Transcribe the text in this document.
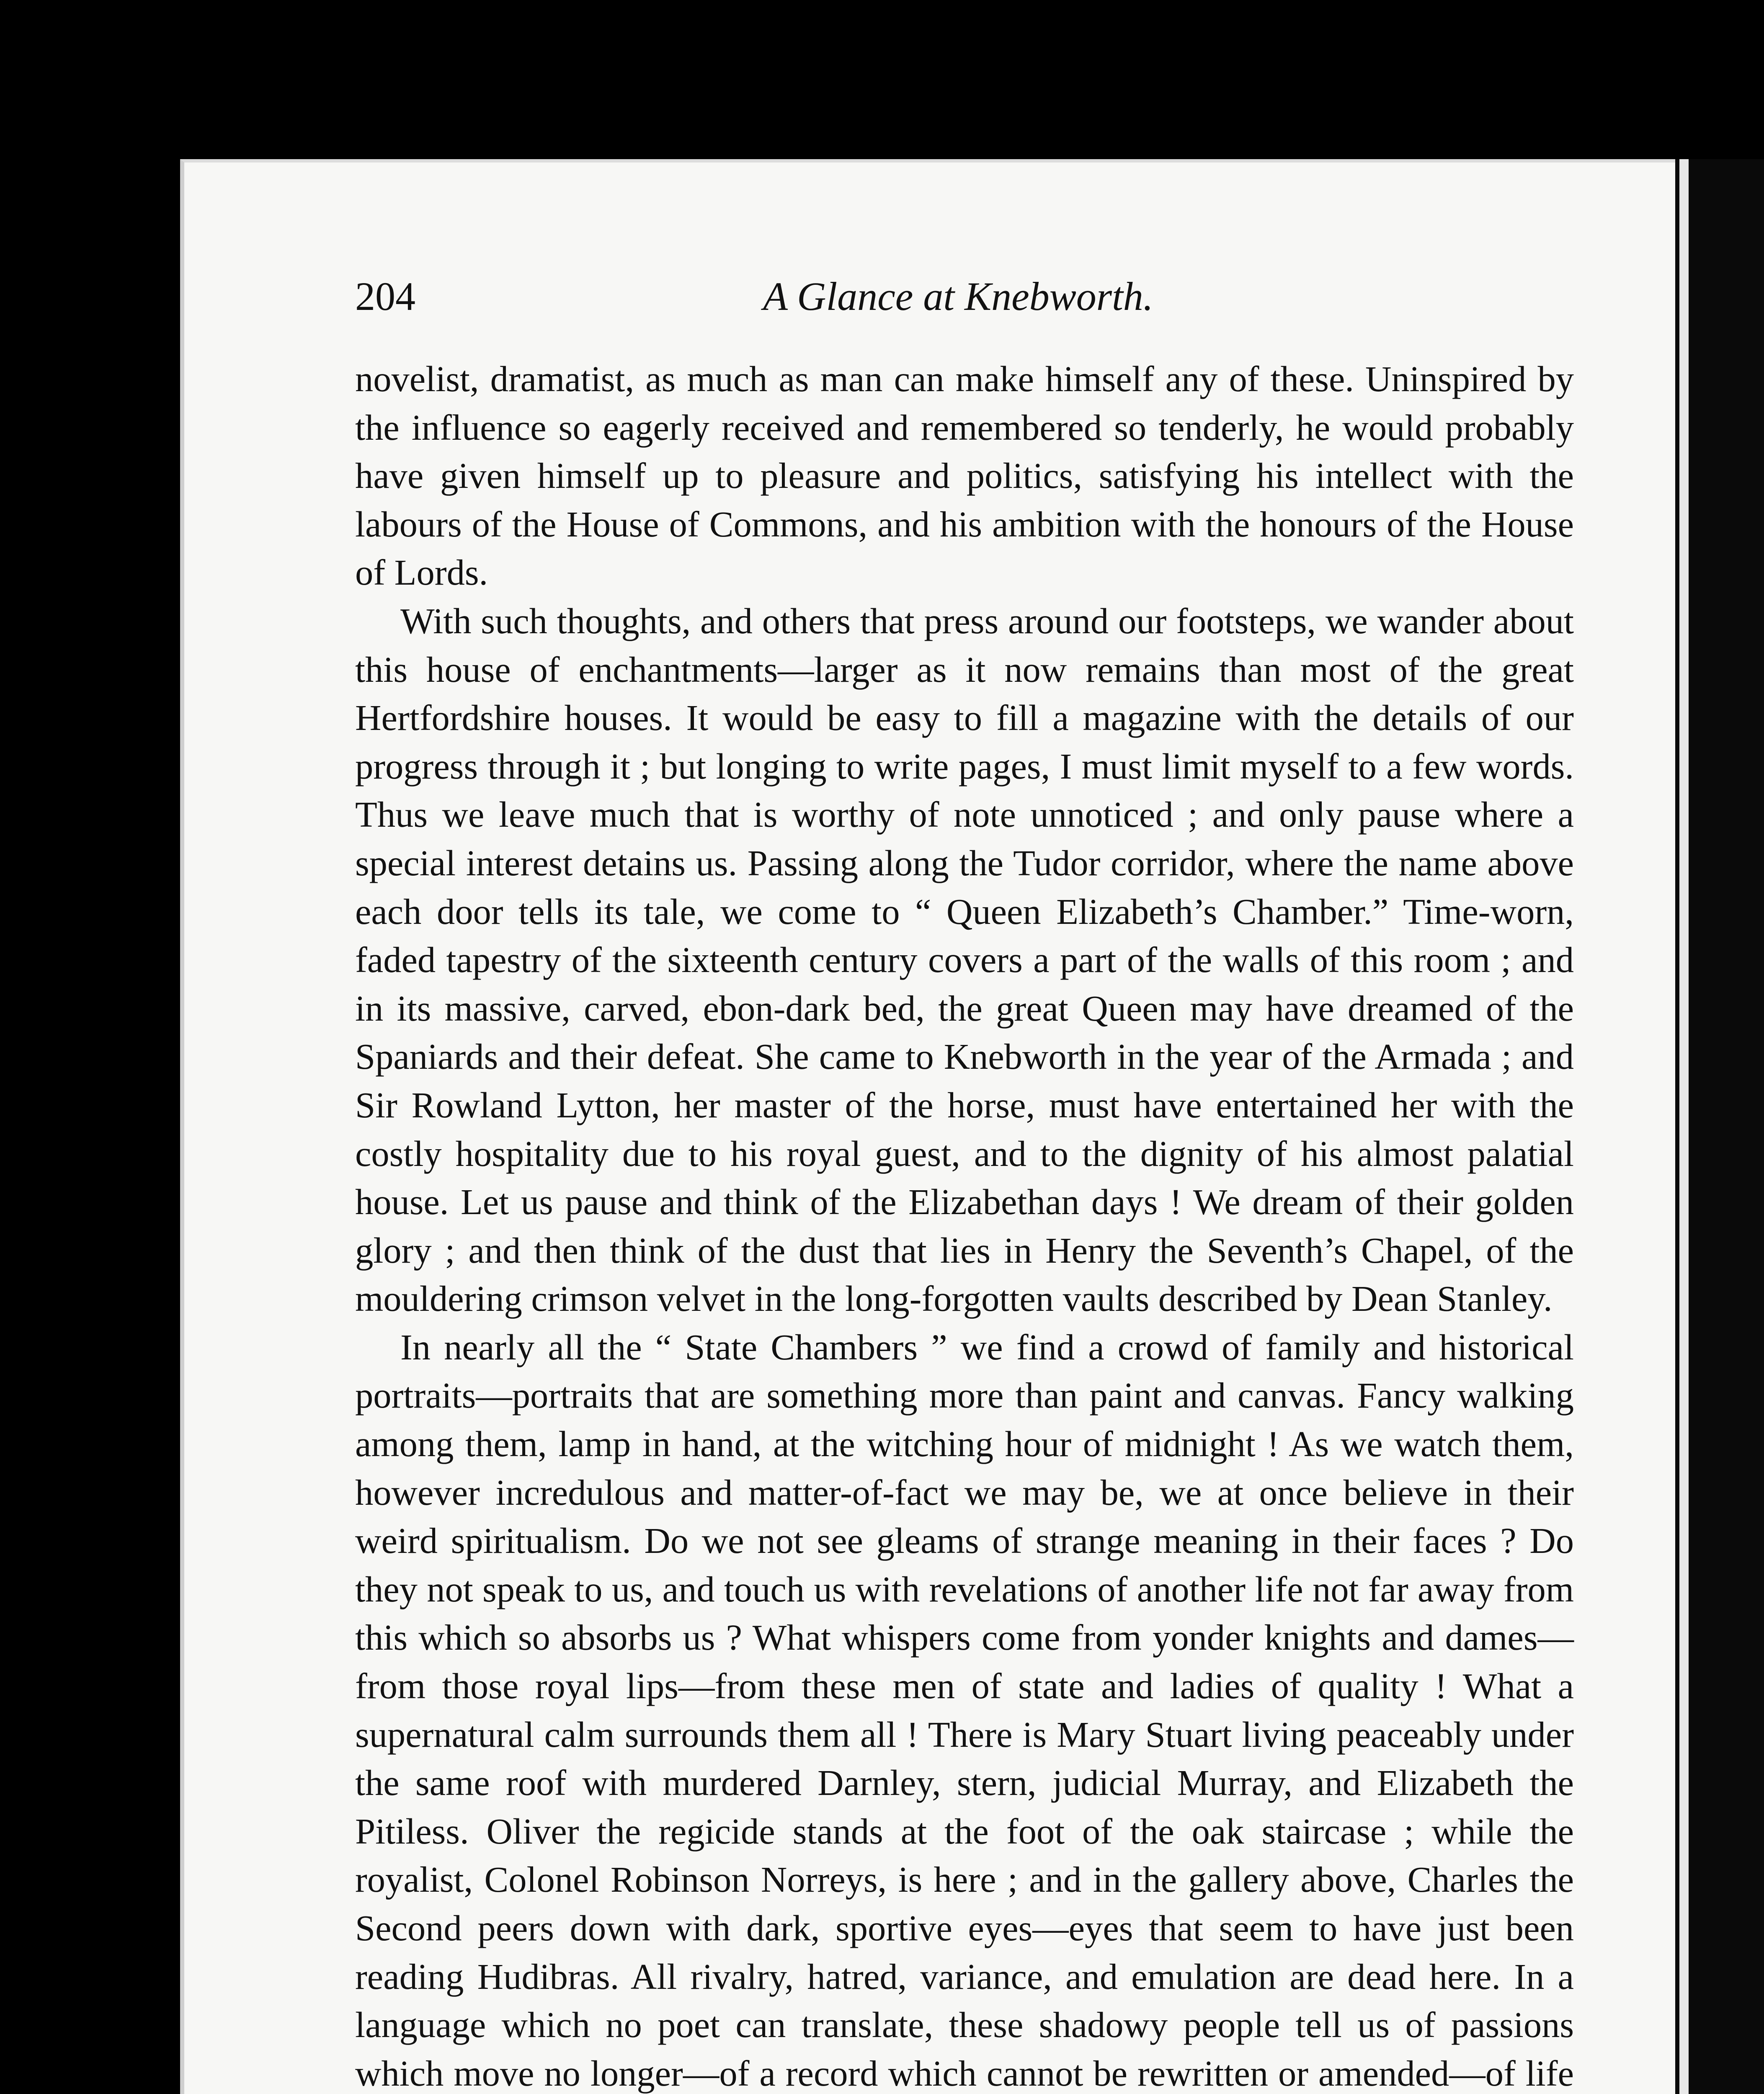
204	A Glance at Knebworth.

novelist, dramatist, as much as man can make himself any of these. Uninspired by the influence so eagerly received and remembered so tenderly, he would probably have given himself up to pleasure and politics, satisfying his intellect with the labours of the House of Commons, and his ambition with the honours of the House of Lords.

With such thoughts, and others that press around our footsteps, we wander about this house of enchantments—larger as it now remains than most of the great Hertfordshire houses. It would be easy to fill a magazine with the details of our progress through it ; but longing to write pages, I must limit myself to a few words. Thus we leave much that is worthy of note unnoticed ; and only pause where a special interest detains us. Passing along the Tudor corridor, where the name above each door tells its tale, we come to “ Queen Elizabeth’s Chamber.” Time-worn, faded tapestry of the sixteenth century covers a part of the walls of this room ; and in its massive, carved, ebon-dark bed, the great Queen may have dreamed of the Spaniards and their defeat. She came to Knebworth in the year of the Armada ; and Sir Rowland Lytton, her master of the horse, must have entertained her with the costly hospitality due to his royal guest, and to the dignity of his almost palatial house. Let us pause and think of the Elizabethan days ! We dream of their golden glory ; and then think of the dust that lies in Henry the Seventh’s Chapel, of the mouldering crimson velvet in the long-forgotten vaults described by Dean Stanley.

In nearly all the “ State Chambers ” we find a crowd of family and historical portraits—portraits that are something more than paint and canvas. Fancy walking among them, lamp in hand, at the witching hour of midnight ! As we watch them, however incredulous and matter-of-fact we may be, we at once believe in their weird spiritualism. Do we not see gleams of strange meaning in their faces ? Do they not speak to us, and touch us with revelations of another life not far away from this which so absorbs us ? What whispers come from yonder knights and dames—from those royal lips—from these men of state and ladies of quality ! What a supernatural calm surrounds them all ! There is Mary Stuart living peaceably under the same roof with murdered Darnley, stern, judicial Murray, and Elizabeth the Pitiless. Oliver the regicide stands at the foot of the oak staircase ; while the royalist, Colonel Robinson Norreys, is here ; and in the gallery above, Charles the Second peers down with dark, sportive eyes—eyes that seem to have just been reading Hudibras. All rivalry, hatred, variance, and emulation are dead here. In a language which no poet can translate, these shadowy people tell us of passions which move no longer—of a record which cannot be rewritten or amended—of life
